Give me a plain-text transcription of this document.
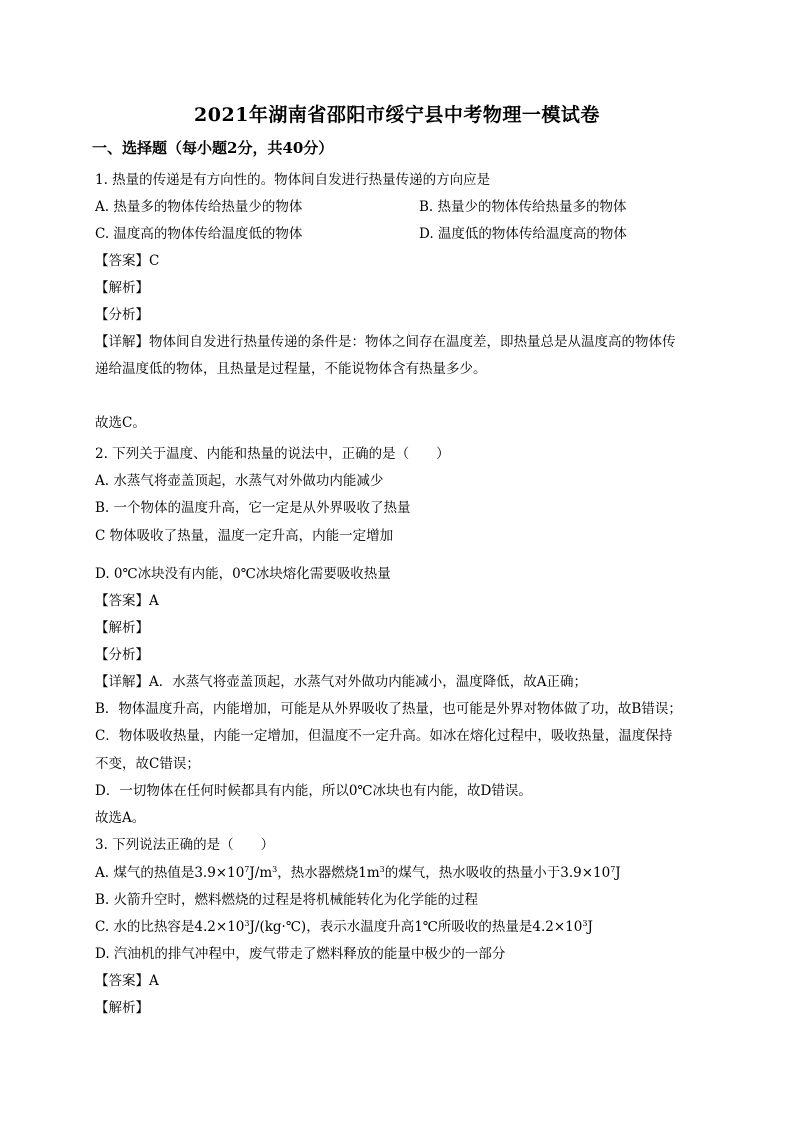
2021年湖南省邵阳市绥宁县中考物理一模试卷
一、选择题（每小题2分，共40分）
1. 热量的传递是有方向性的。物体间自发进行热量传递的方向应是
A. 热量多的物体传给热量少的物体	B. 热量少的物体传给热量多的物体
C. 温度高的物体传给温度低的物体	D. 温度低的物体传给温度高的物体
【答案】C
【解析】
【分析】
【详解】物体间自发进行热量传递的条件是：物体之间存在温度差，即热量总是从温度高的物体传
递给温度低的物体，且热量是过程量，不能说物体含有热量多少。
故选C。
2. 下列关于温度、内能和热量的说法中，正确的是（　　）
A. 水蒸气将壶盖顶起，水蒸气对外做功内能减少
B. 一个物体的温度升高，它一定是从外界吸收了热量
C 物体吸收了热量，温度一定升高，内能一定增加
D. 0℃冰块没有内能，0℃冰块熔化需要吸收热量
【答案】A
【解析】
【分析】
【详解】A．水蒸气将壶盖顶起，水蒸气对外做功内能减小，温度降低，故A正确；
B．物体温度升高，内能增加，可能是从外界吸收了热量，也可能是外界对物体做了功，故B错误；
C．物体吸收热量，内能一定增加，但温度不一定升高。如冰在熔化过程中，吸收热量，温度保持
不变，故C错误；
D．一切物体在任何时候都具有内能，所以0℃冰块也有内能，故D错误。
故选A。
3. 下列说法正确的是（　　）
A. 煤气的热值是$3.9\times 10^7J/m^3$，热水器燃烧$1m^3$的煤气，热水吸收的热量小于$3.9\times 10^7J$
B. 火箭升空时，燃料燃烧的过程是将机械能转化为化学能的过程
C. 水的比热容是$4.2\times 10^3J/(kg\cdot℃)$，表示水温度升高1℃所吸收的热量是$4.2\times 10^3J$
D. 汽油机的排气冲程中，废气带走了燃料释放的能量中极少的一部分
【答案】A
【解析】
